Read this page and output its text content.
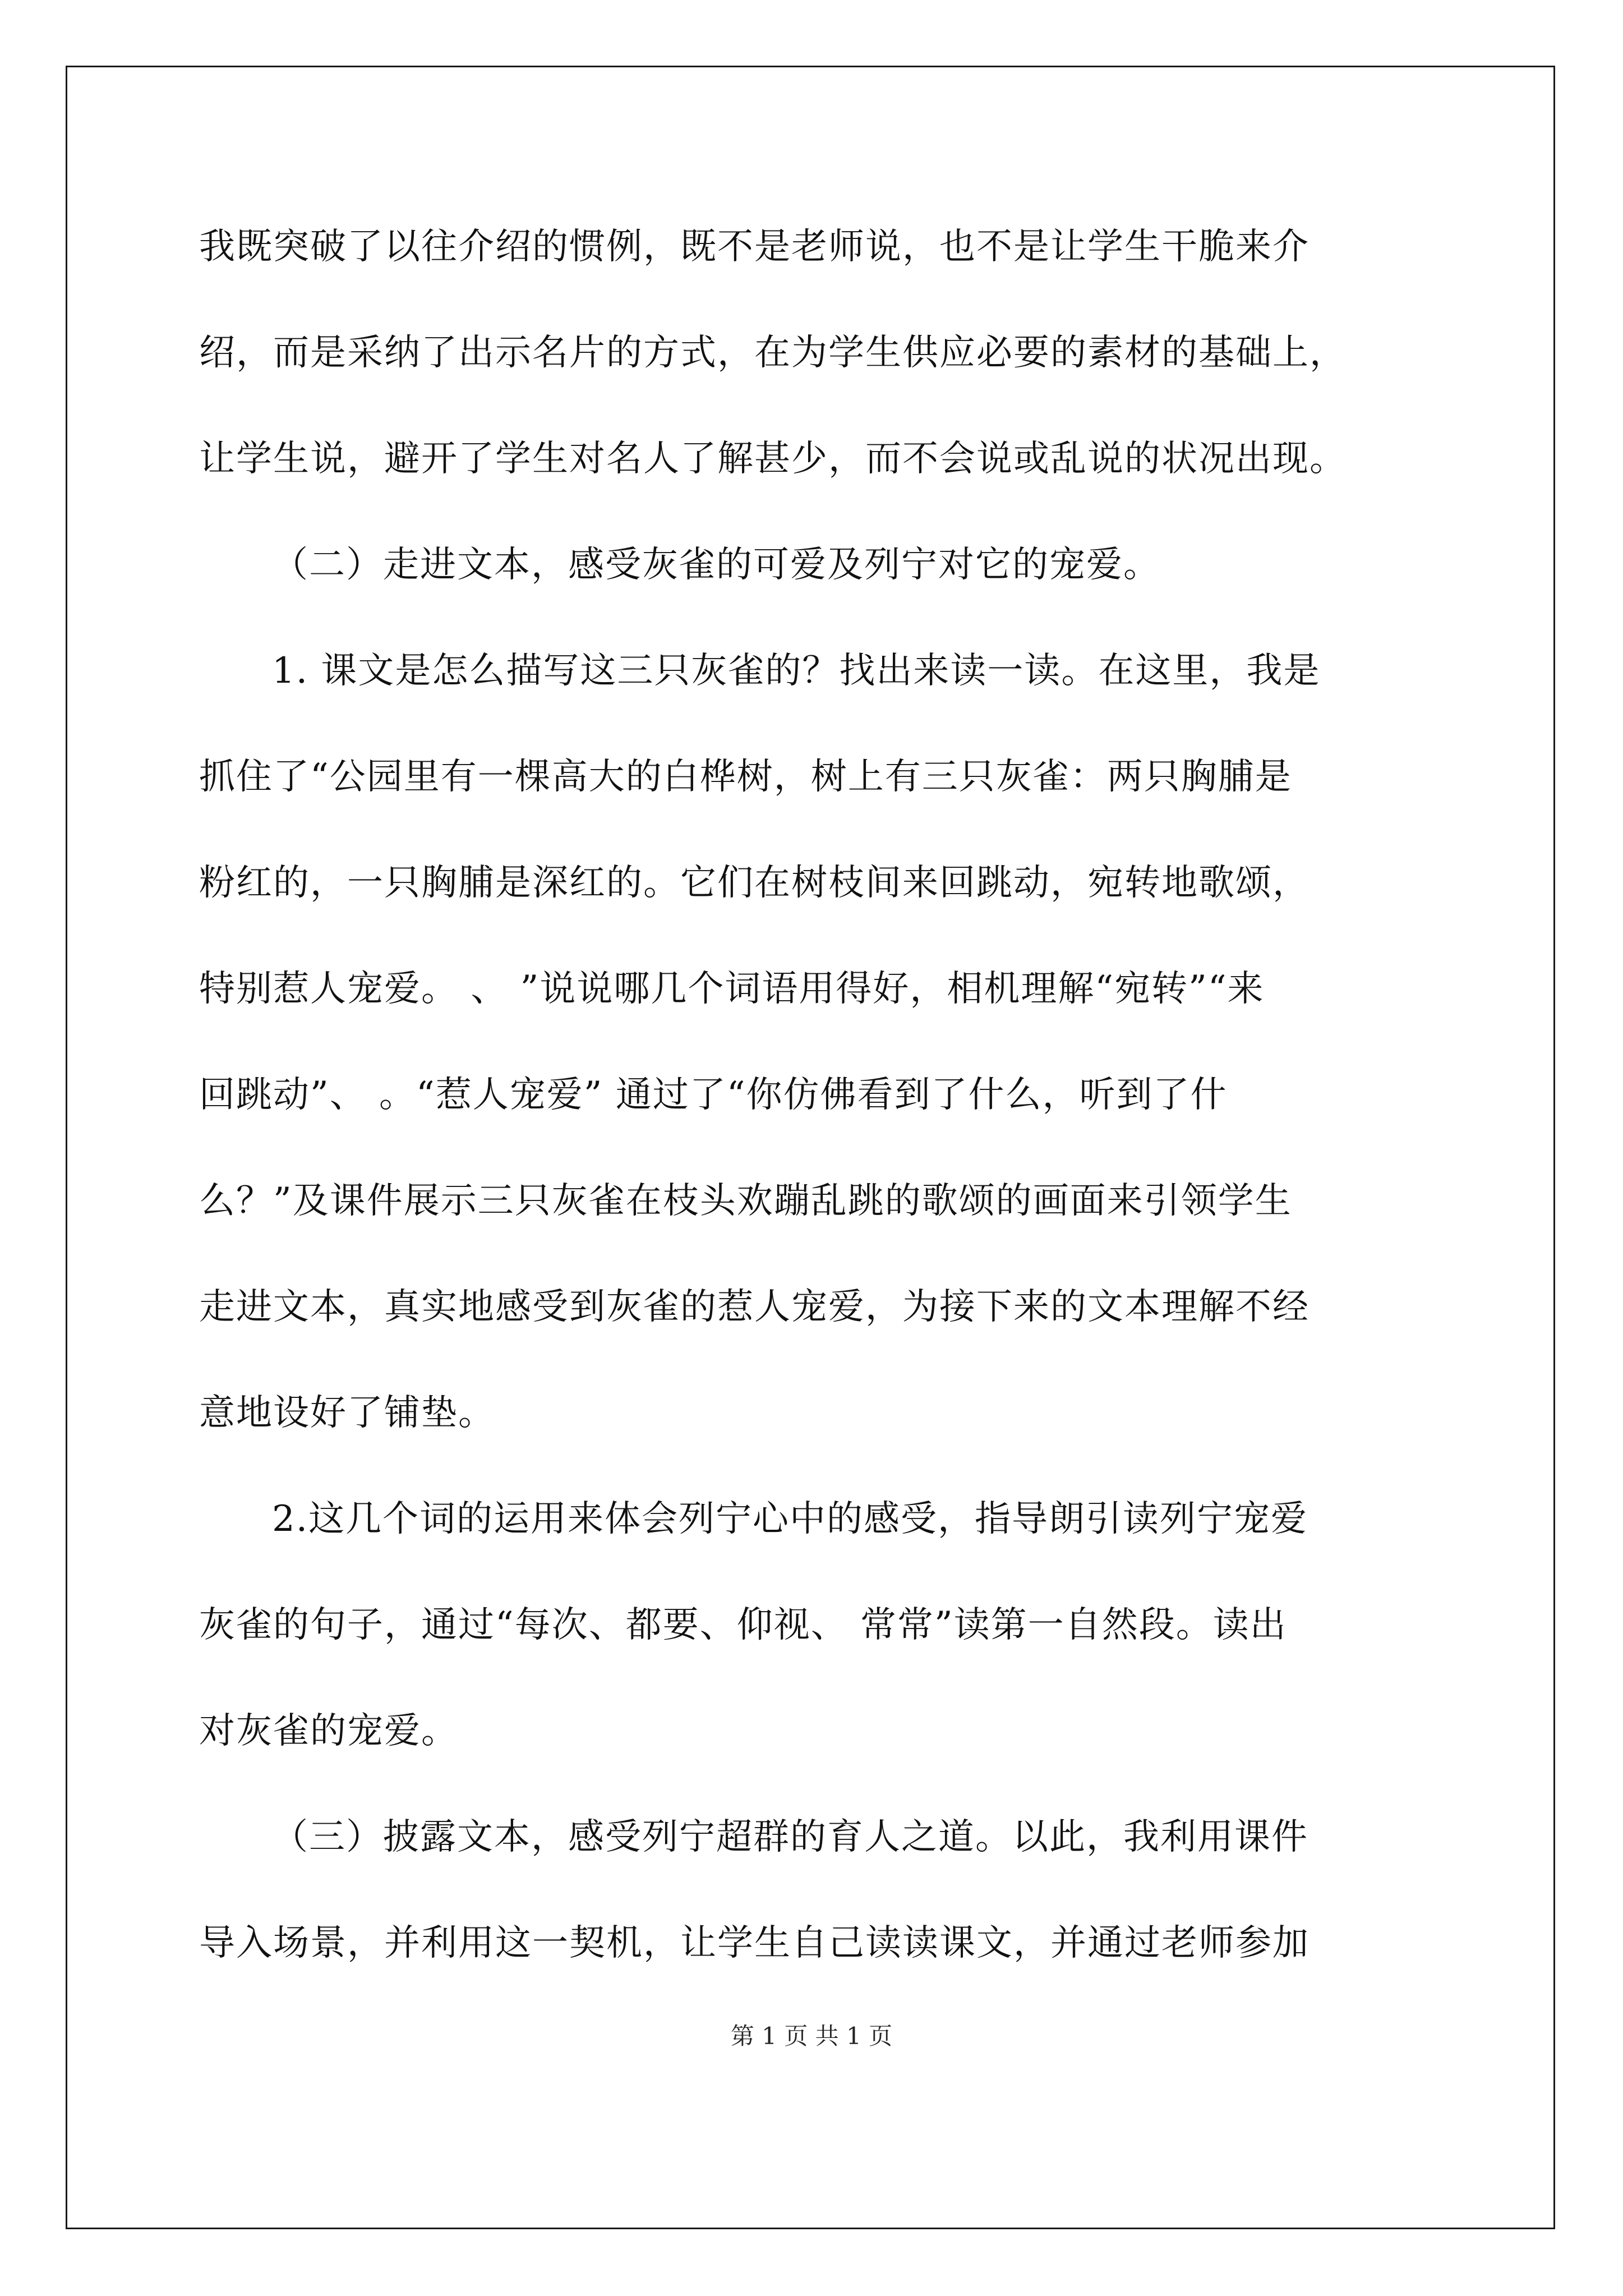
我既突破了以往介绍的惯例，既不是老师说，也不是让学生干脆来介
绍，而是采纳了出示名片的方式，在为学生供应必要的素材的基础上，
让学生说，避开了学生对名人了解甚少，而不会说或乱说的状况出现。
（二）走进文本，感受灰雀的可爱及列宁对它的宠爱。
1. 课文是怎么描写这三只灰雀的？找出来读一读。在这里，我是
抓住了“公园里有一棵高大的白桦树，树上有三只灰雀：两只胸脯是
粉红的，一只胸脯是深红的。它们在树枝间来回跳动，宛转地歌颂，
特别惹人宠爱。 、 ”说说哪几个词语用得好，相机理解“宛转”“来
回跳动”、 。“惹人宠爱” 通过了“你仿佛看到了什么，听到了什
么？”及课件展示三只灰雀在枝头欢蹦乱跳的歌颂的画面来引领学生
走进文本，真实地感受到灰雀的惹人宠爱，为接下来的文本理解不经
意地设好了铺垫。
2.这几个词的运用来体会列宁心中的感受，指导朗引读列宁宠爱
灰雀的句子，通过“每次、都要、仰视、 常常”读第一自然段。读出
对灰雀的宠爱。
（三）披露文本，感受列宁超群的育人之道。以此，我利用课件
导入场景，并利用这一契机，让学生自己读读课文，并通过老师参加
第 1 页 共 1 页
